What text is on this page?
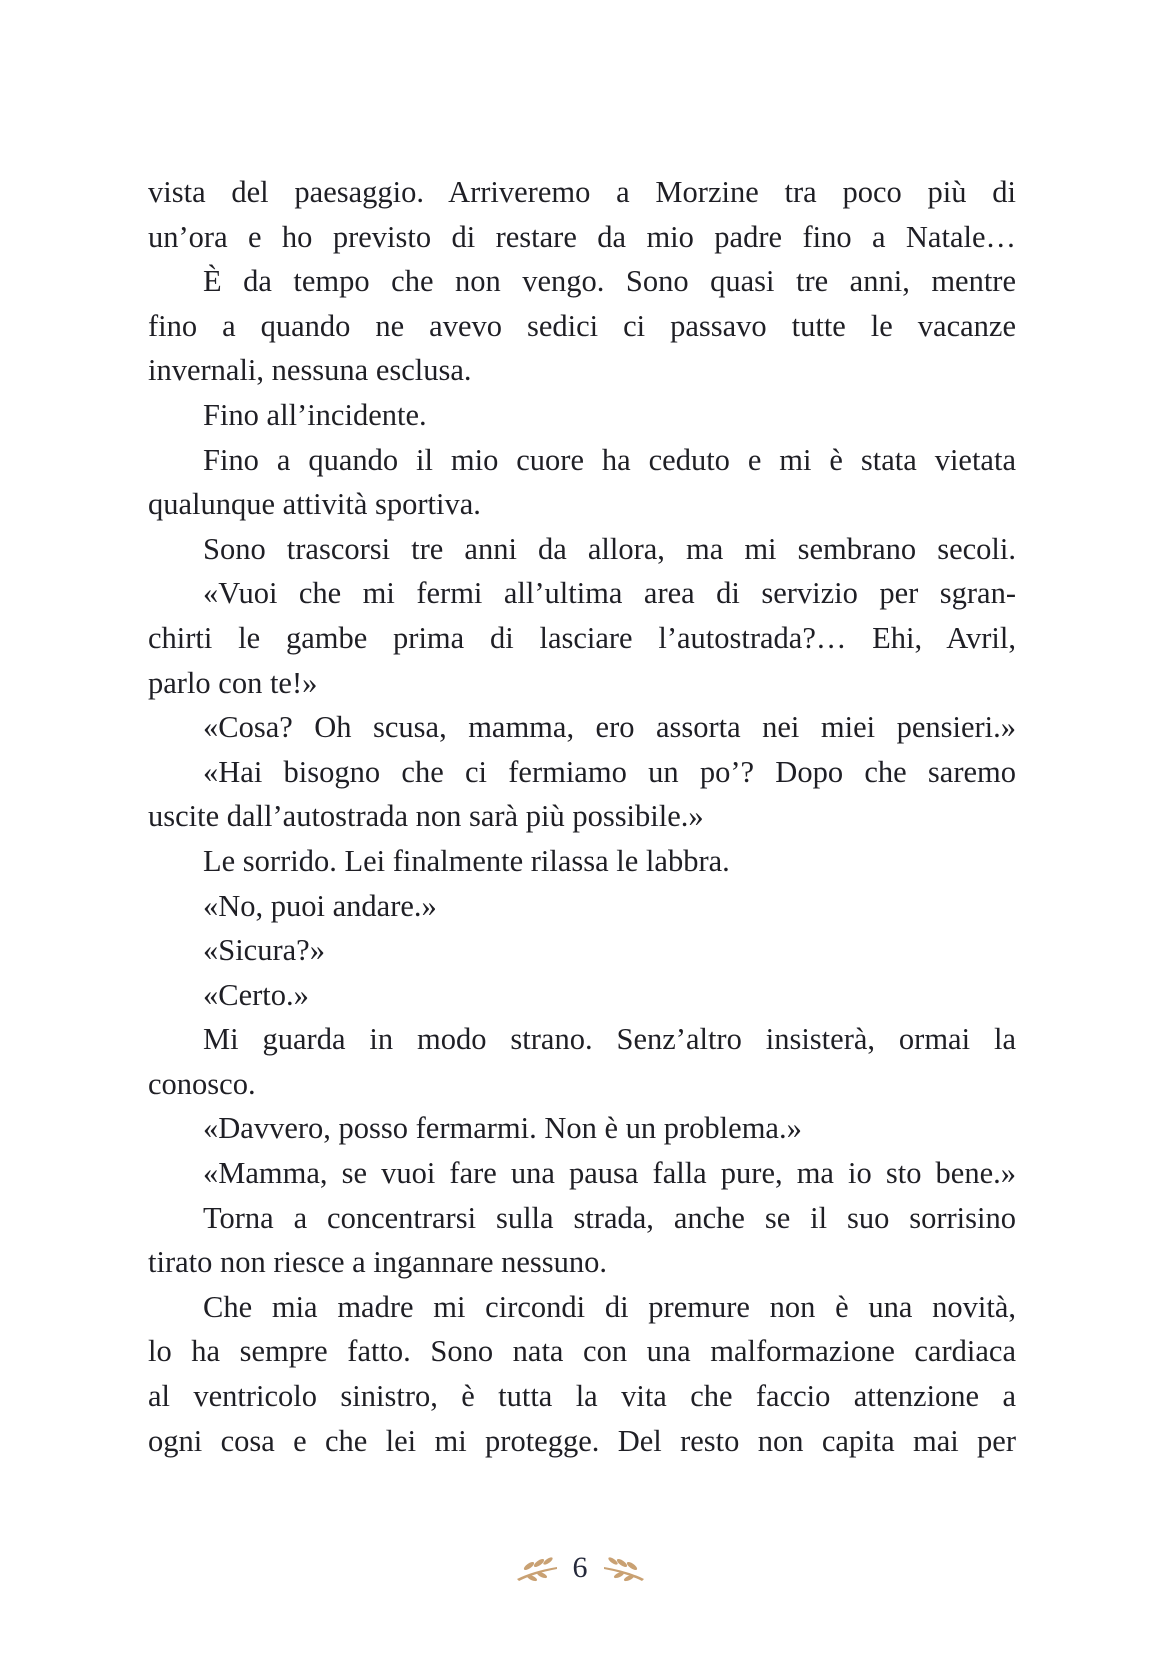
vista del paesaggio. Arriveremo a Morzine tra poco più di
un’ora e ho previsto di restare da mio padre fino a Natale…
È da tempo che non vengo. Sono quasi tre anni, mentre
fino a quando ne avevo sedici ci passavo tutte le vacanze
invernali, nessuna esclusa.
Fino all’incidente.
Fino a quando il mio cuore ha ceduto e mi è stata vietata
qualunque attività sportiva.
Sono trascorsi tre anni da allora, ma mi sembrano secoli.
«Vuoi che mi fermi all’ultima area di servizio per sgran-
chirti le gambe prima di lasciare l’autostrada?… Ehi, Avril,
parlo con te!»
«Cosa? Oh scusa, mamma, ero assorta nei miei pensieri.»
«Hai bisogno che ci fermiamo un po’? Dopo che saremo
uscite dall’autostrada non sarà più possibile.»
Le sorrido. Lei finalmente rilassa le labbra.
«No, puoi andare.»
«Sicura?»
«Certo.»
Mi guarda in modo strano. Senz’altro insisterà, ormai la
conosco.
«Davvero, posso fermarmi. Non è un problema.»
«Mamma, se vuoi fare una pausa falla pure, ma io sto bene.»
Torna a concentrarsi sulla strada, anche se il suo sorrisino
tirato non riesce a ingannare nessuno.
Che mia madre mi circondi di premure non è una novità,
lo ha sempre fatto. Sono nata con una malformazione cardiaca
al ventricolo sinistro, è tutta la vita che faccio attenzione a
ogni cosa e che lei mi protegge. Del resto non capita mai per
6
